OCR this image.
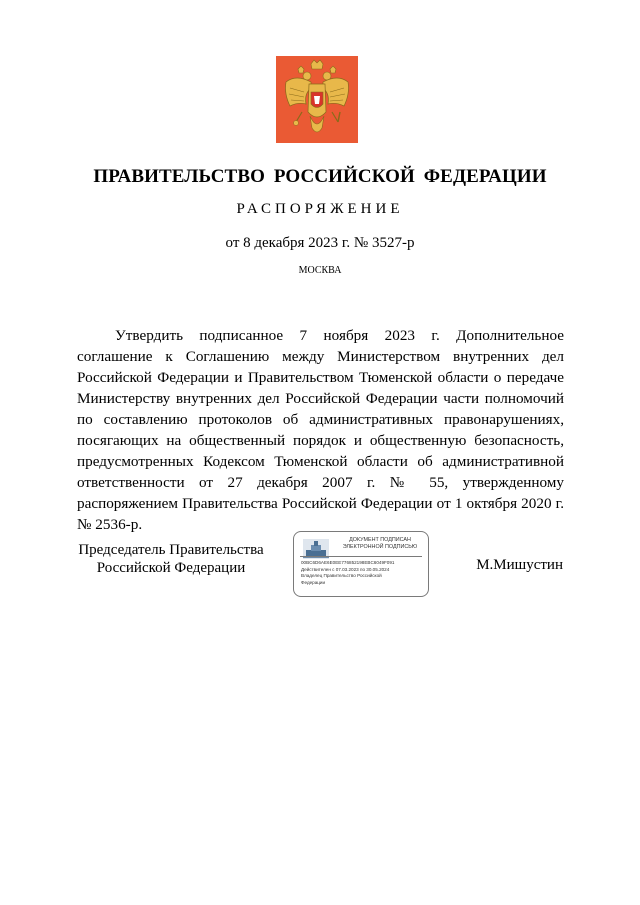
ПРАВИТЕЛЬСТВО РОССИЙСКОЙ ФЕДЕРАЦИИ
РАСПОРЯЖЕНИЕ
от 8 декабря 2023 г. № 3527-р
МОСКВА
Утвердить подписанное 7 ноября 2023 г. Дополнительное соглашение к Соглашению между Министерством внутренних дел Российской Федерации и Правительством Тюменской области о передаче Министерству внутренних дел Российской Федерации части полномочий по составлению протоколов об административных правонарушениях, посягающих на общественный порядок и общественную безопасность, предусмотренных Кодексом Тюменской области об административной ответственности от 27 декабря 2007 г. № 55, утвержденному распоряжением Правительства Российской Федерации от 1 октября 2020 г. № 2536-р.
Председатель Правительства
Российской Федерации
ДОКУМЕНТ ПОДПИСАН
ЭЛЕКТРОННОЙ ПОДПИСЬЮ
00BC6D6AE6E0EE776852198EBC6049F091
Действителен с 07.03.2023 по 30.05.2024
Владелец Правительство Российской
Федерации
М.Мишустин
